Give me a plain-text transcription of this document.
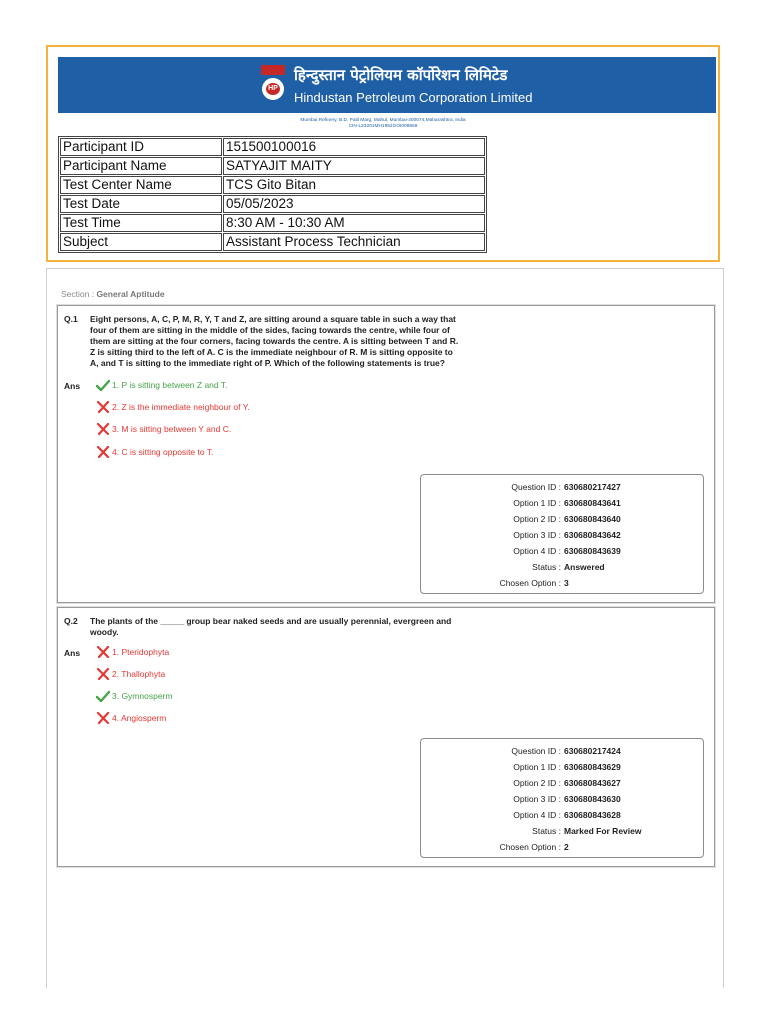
HP
हिन्दुस्तान पेट्रोलियम कॉर्पोरेशन लिमिटेड
Hindustan Petroleum Corporation Limited
Mumbai Refinery, B.D. Patil Marg, Mahul, Mumbai-400074,Maharashtra, India
CIN-L23201MH1952GOI008858
Participant ID	151500100016
Participant Name	SATYAJIT MAITY
Test Center Name	TCS Gito Bitan
Test Date	05/05/2023
Test Time	8:30 AM - 10:30 AM
Subject	Assistant Process Technician
Section : General Aptitude
Q.1 Eight persons, A, C, P, M, R, Y, T and Z, are sitting around a square table in such a way that
four of them are sitting in the middle of the sides, facing towards the centre, while four of
them are sitting at the four corners, facing towards the centre. A is sitting between T and R.
Z is sitting third to the left of A. C is the immediate neighbour of R. M is sitting opposite to
A, and T is sitting to the immediate right of P. Which of the following statements is true?
Ans	1. P is sitting between Z and T.
2. Z is the immediate neighbour of Y.
3. M is sitting between Y and C.
4. C is sitting opposite to T.
Question ID : 630680217427
Option 1 ID : 630680843641
Option 2 ID : 630680843640
Option 3 ID : 630680843642
Option 4 ID : 630680843639
Status : Answered
Chosen Option : 3
Q.2 The plants of the _____ group bear naked seeds and are usually perennial, evergreen and
woody.
Ans	1. Pteridophyta
2. Thallophyta
3. Gymnosperm
4. Angiosperm
Question ID : 630680217424
Option 1 ID : 630680843629
Option 2 ID : 630680843627
Option 3 ID : 630680843630
Option 4 ID : 630680843628
Status : Marked For Review
Chosen Option : 2
